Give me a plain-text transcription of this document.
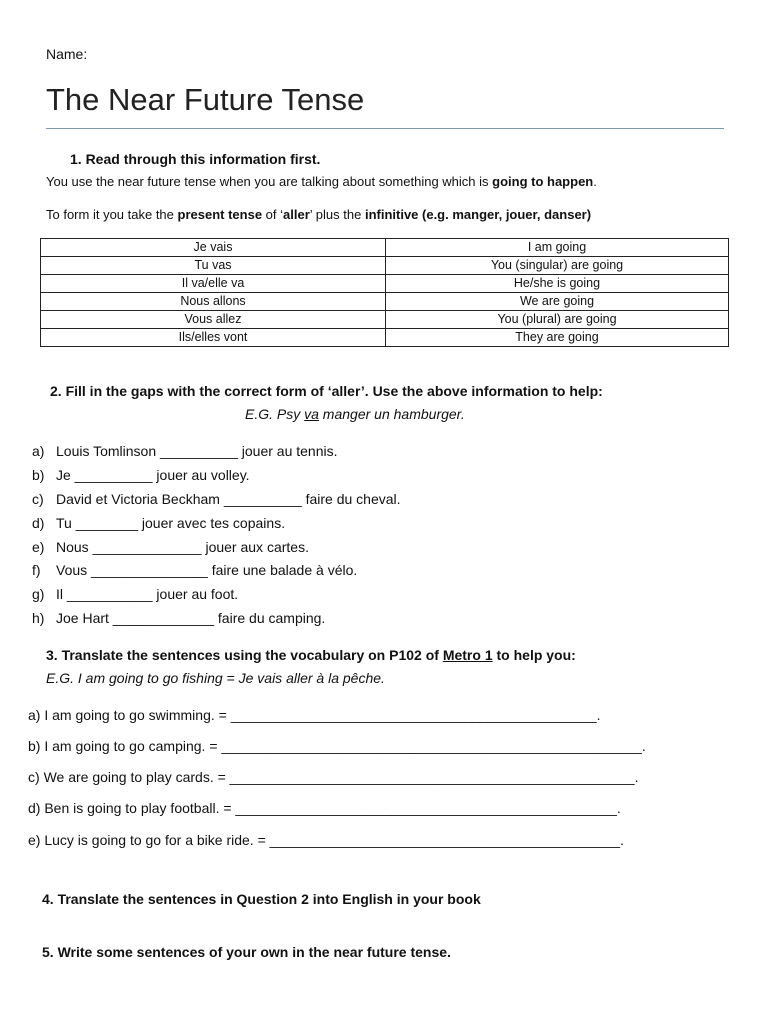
Name:
The Near Future Tense
1. Read through this information first.
You use the near future tense when you are talking about something which is going to happen.
To form it you take the present tense of ‘aller’ plus the infinitive (e.g. manger, jouer, danser)
Je vais	I am going
Tu vas	You (singular) are going
Il va/elle va	He/she is going
Nous allons	We are going
Vous allez	You (plural) are going
Ils/elles vont	They are going
2. Fill in the gaps with the correct form of ‘aller’. Use the above information to help:
E.G. Psy va manger un hamburger.
a) Louis Tomlinson __________ jouer au tennis.
b) Je __________ jouer au volley.
c) David et Victoria Beckham __________ faire du cheval.
d) Tu ________ jouer avec tes copains.
e) Nous ______________ jouer aux cartes.
f) Vous _______________ faire une balade à vélo.
g) Il ___________ jouer au foot.
h) Joe Hart _____________ faire du camping.
3. Translate the sentences using the vocabulary on P102 of Metro 1 to help you:
E.G. I am going to go fishing = Je vais aller à la pêche.
a) I am going to go swimming. = _______________________________________________.
b) I am going to go camping. = ______________________________________________________.
c) We are going to play cards. = ____________________________________________________.
d) Ben is going to play football. = _________________________________________________.
e) Lucy is going to go for a bike ride. = _____________________________________________.
4. Translate the sentences in Question 2 into English in your book
5. Write some sentences of your own in the near future tense.
